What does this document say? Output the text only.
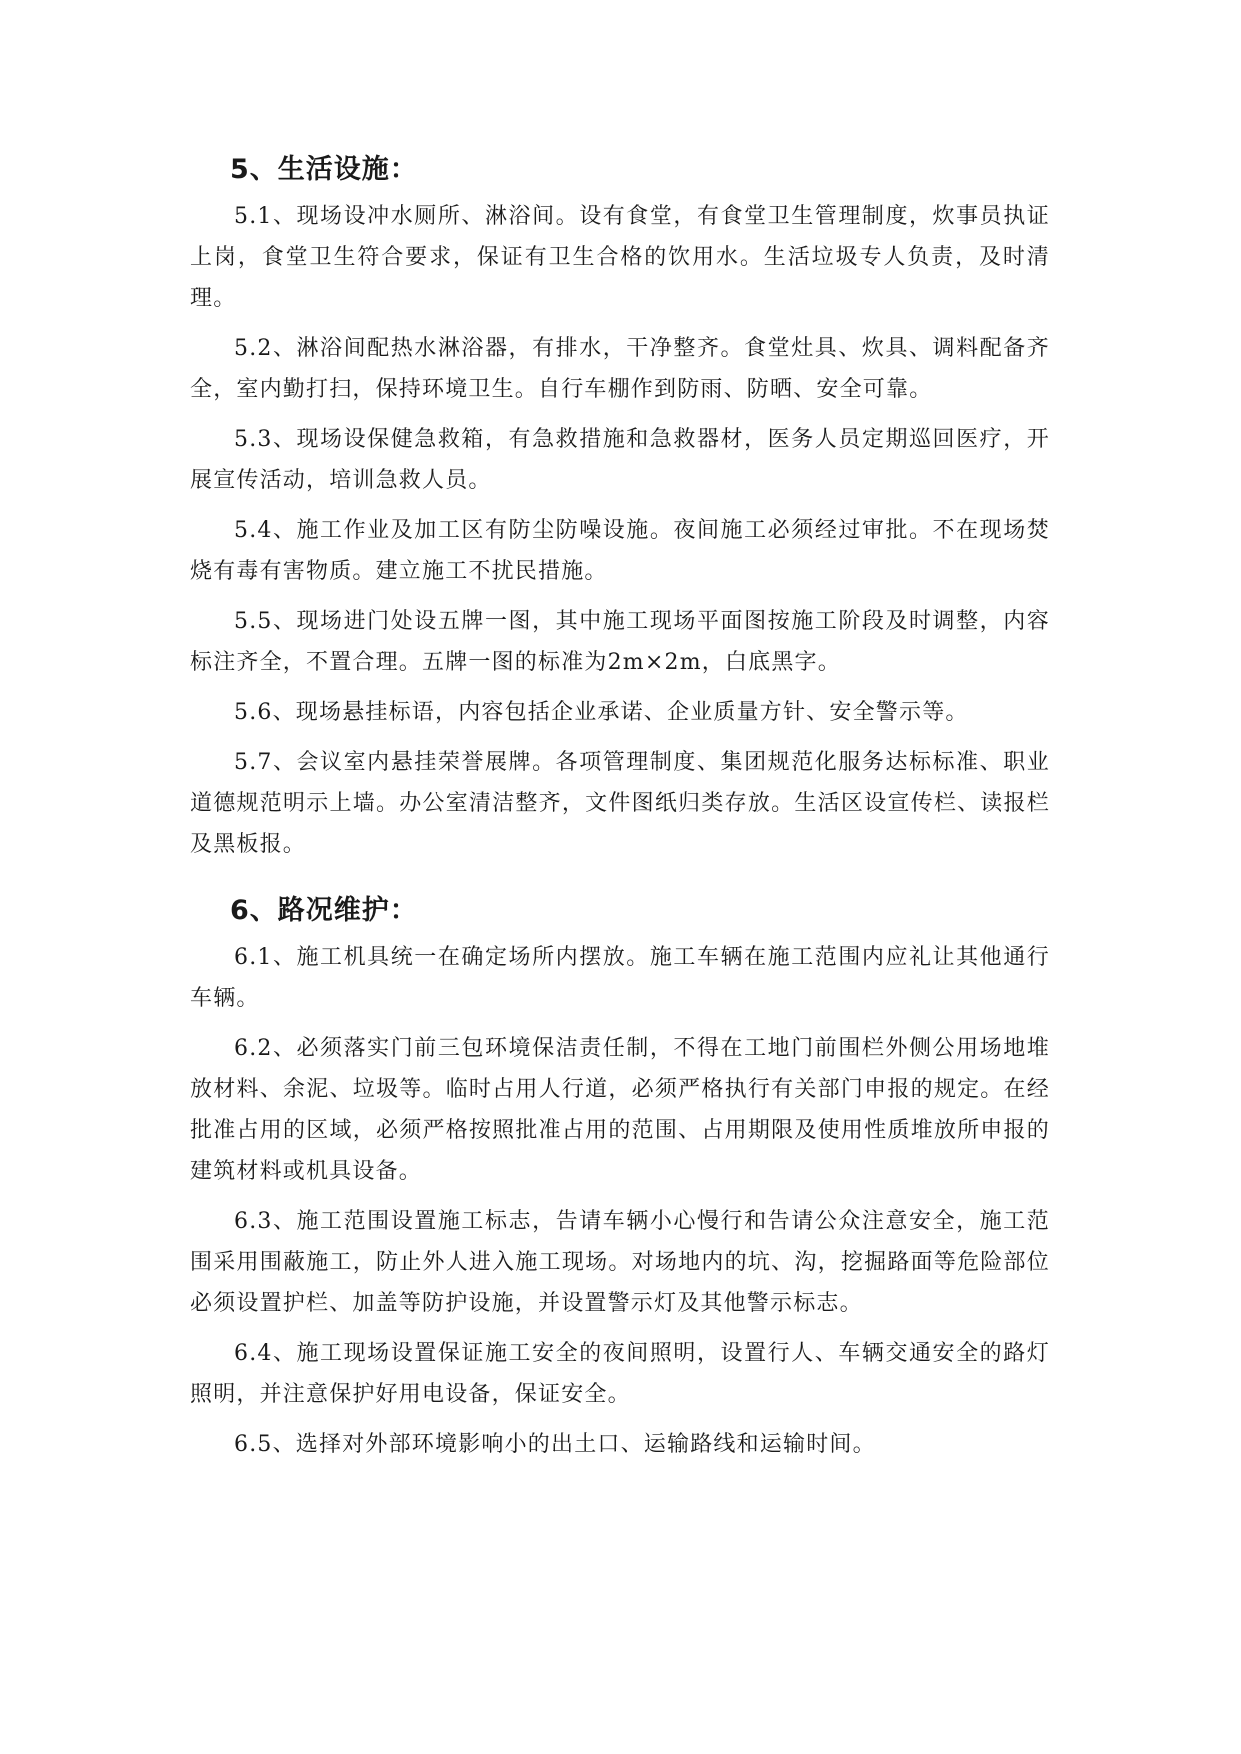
5、生活设施：

5.1、现场设冲水厕所、淋浴间。设有食堂，有食堂卫生管理制度，炊事员执证上岗，食堂卫生符合要求，保证有卫生合格的饮用水。生活垃圾专人负责，及时清理。

5.2、淋浴间配热水淋浴器，有排水，干净整齐。食堂灶具、炊具、调料配备齐全，室内勤打扫，保持环境卫生。自行车棚作到防雨、防晒、安全可靠。

5.3、现场设保健急救箱，有急救措施和急救器材，医务人员定期巡回医疗，开展宣传活动，培训急救人员。

5.4、施工作业及加工区有防尘防噪设施。夜间施工必须经过审批。不在现场焚烧有毒有害物质。建立施工不扰民措施。

5.5、现场进门处设五牌一图，其中施工现场平面图按施工阶段及时调整，内容标注齐全，不置合理。五牌一图的标准为2m×2m，白底黑字。

5.6、现场悬挂标语，内容包括企业承诺、企业质量方针、安全警示等。

5.7、会议室内悬挂荣誉展牌。各项管理制度、集团规范化服务达标标准、职业道德规范明示上墙。办公室清洁整齐，文件图纸归类存放。生活区设宣传栏、读报栏及黑板报。

6、路况维护：

6.1、施工机具统一在确定场所内摆放。施工车辆在施工范围内应礼让其他通行车辆。

6.2、必须落实门前三包环境保洁责任制，不得在工地门前围栏外侧公用场地堆放材料、余泥、垃圾等。临时占用人行道，必须严格执行有关部门申报的规定。在经批准占用的区域，必须严格按照批准占用的范围、占用期限及使用性质堆放所申报的建筑材料或机具设备。

6.3、施工范围设置施工标志，告请车辆小心慢行和告请公众注意安全，施工范围采用围蔽施工，防止外人进入施工现场。对场地内的坑、沟，挖掘路面等危险部位必须设置护栏、加盖等防护设施，并设置警示灯及其他警示标志。

6.4、施工现场设置保证施工安全的夜间照明，设置行人、车辆交通安全的路灯照明，并注意保护好用电设备，保证安全。

6.5、选择对外部环境影响小的出土口、运输路线和运输时间。
